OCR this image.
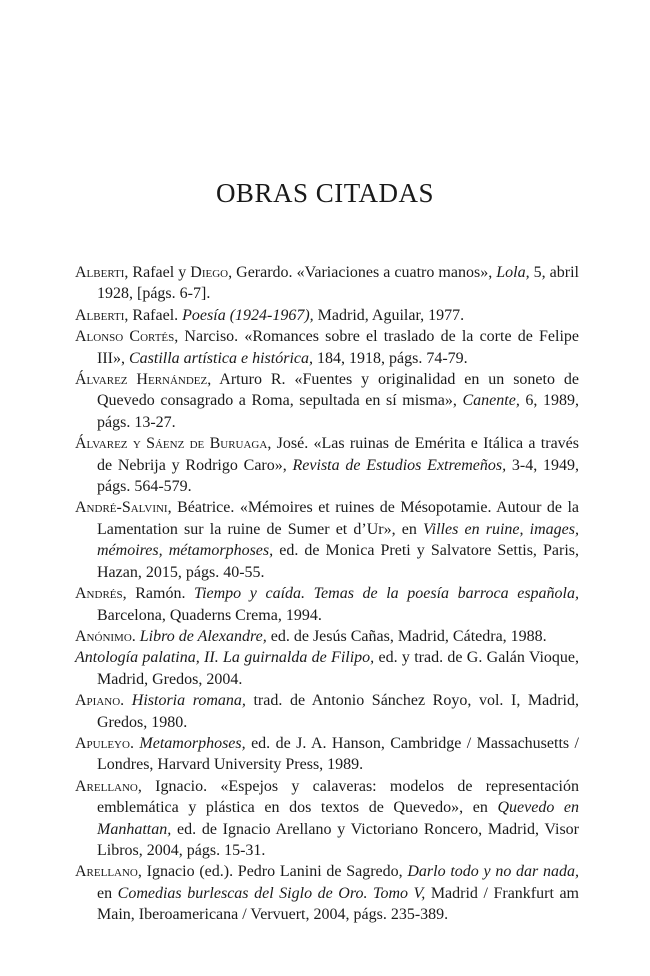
OBRAS CITADAS

Alberti, Rafael y Diego, Gerardo. «Variaciones a cuatro manos», Lola, 5, abril 1928, [págs. 6-7].

Alberti, Rafael. Poesía (1924-1967), Madrid, Aguilar, 1977.

Alonso Cortés, Narciso. «Romances sobre el traslado de la corte de Felipe III», Castilla artística e histórica, 184, 1918, págs. 74-79.

Álvarez Hernández, Arturo R. «Fuentes y originalidad en un soneto de Quevedo consagrado a Roma, sepultada en sí misma», Canente, 6, 1989, págs. 13-27.

Álvarez y Sáenz de Buruaga, José. «Las ruinas de Emérita e Itálica a través de Nebrija y Rodrigo Caro», Revista de Estudios Extremeños, 3-4, 1949, págs. 564-579.

André-Salvini, Béatrice. «Mémoires et ruines de Mésopotamie. Autour de la Lamentation sur la ruine de Sumer et d’Ur», en Villes en ruine, images, mémoires, métamorphoses, ed. de Monica Preti y Salvatore Settis, Paris, Hazan, 2015, págs. 40-55.

Andrés, Ramón. Tiempo y caída. Temas de la poesía barroca española, Barcelona, Quaderns Crema, 1994.

Anónimo. Libro de Alexandre, ed. de Jesús Cañas, Madrid, Cátedra, 1988.

Antología palatina, II. La guirnalda de Filipo, ed. y trad. de G. Galán Vioque, Madrid, Gredos, 2004.

Apiano. Historia romana, trad. de Antonio Sánchez Royo, vol. I, Madrid, Gredos, 1980.

Apuleyo. Metamorphoses, ed. de J. A. Hanson, Cambridge / Massachusetts / Londres, Harvard University Press, 1989.

Arellano, Ignacio. «Espejos y calaveras: modelos de representación emblemática y plástica en dos textos de Quevedo», en Quevedo en Manhattan, ed. de Ignacio Arellano y Victoriano Roncero, Madrid, Visor Libros, 2004, págs. 15-31.

Arellano, Ignacio (ed.). Pedro Lanini de Sagredo, Darlo todo y no dar nada, en Comedias burlescas del Siglo de Oro. Tomo V, Madrid / Frankfurt am Main, Iberoamericana / Vervuert, 2004, págs. 235-389.
